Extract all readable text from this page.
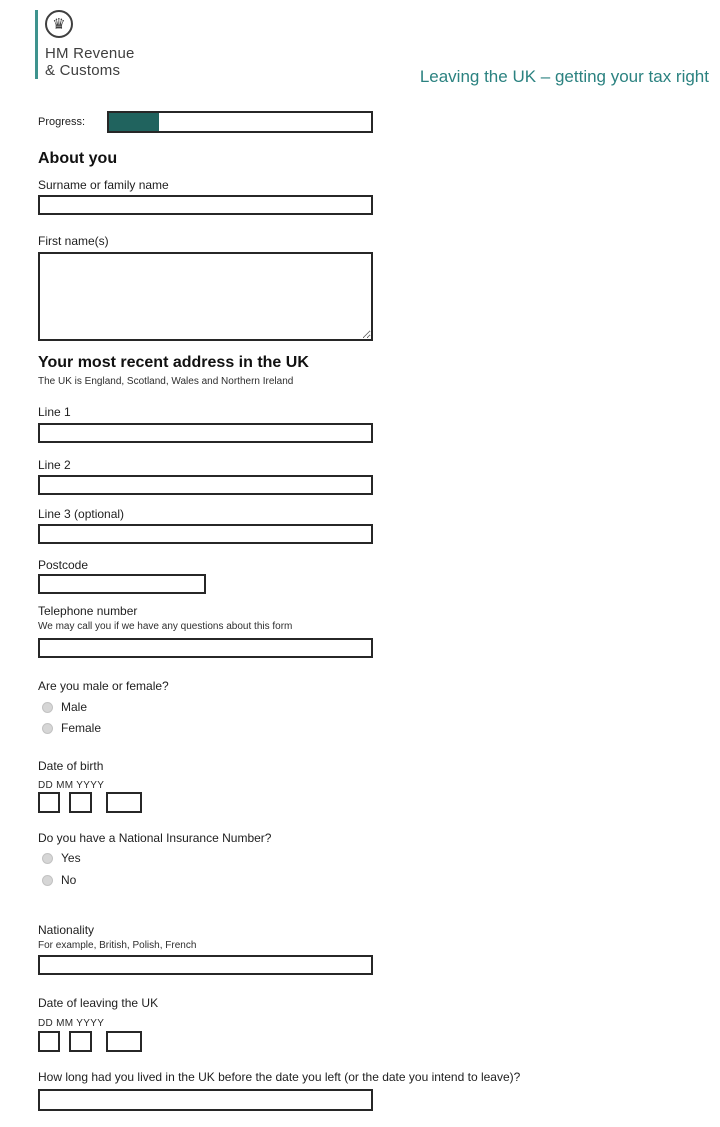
♛
HM Revenue
& Customs	Leaving the UK – getting your tax right
Progress:
About you
Surname or family name
First name(s)
Your most recent address in the UK
The UK is England, Scotland, Wales and Northern Ireland
Line 1
Line 2
Line 3 (optional)
Postcode
Telephone number
We may call you if we have any questions about this form
Are you male or female?
Male
Female
Date of birth
DD MM YYYY
Do you have a National Insurance Number?
Yes
No
Nationality
For example, British, Polish, French
Date of leaving the UK
DD MM YYYY
How long had you lived in the UK before the date you left (or the date you intend to leave)?
